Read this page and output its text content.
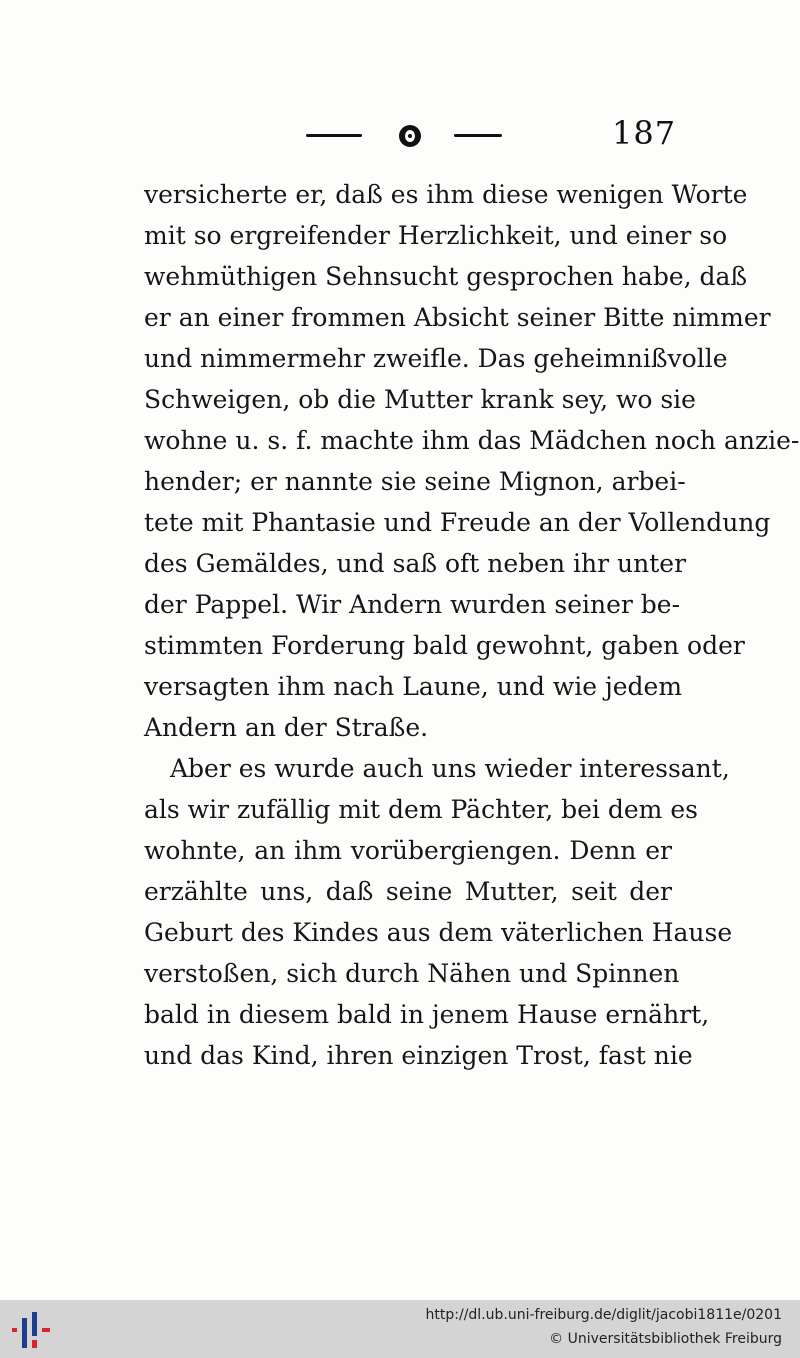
187
versicherte er, daß es ihm diese wenigen Worte
mit so ergreifender Herzlichkeit, und einer so
wehmüthigen Sehnsucht gesprochen habe, daß
er an einer frommen Absicht seiner Bitte nimmer
und nimmermehr zweifle. Das geheimnißvolle
Schweigen, ob die Mutter krank sey, wo sie
wohne u. s. f. machte ihm das Mädchen noch anzie-
hender; er nannte sie seine Mignon, arbei-
tete mit Phantasie und Freude an der Vollendung
des Gemäldes, und saß oft neben ihr unter
der Pappel. Wir Andern wurden seiner be-
stimmten Forderung bald gewohnt, gaben oder
versagten ihm nach Laune, und wie jedem
Andern an der Straße.
Aber es wurde auch uns wieder interessant,
als wir zufällig mit dem Pächter, bei dem es
wohnte, an ihm vorübergiengen. Denn er
erzählte uns, daß seine Mutter, seit der
Geburt des Kindes aus dem väterlichen Hause
verstoßen, sich durch Nähen und Spinnen
bald in diesem bald in jenem Hause ernährt,
und das Kind, ihren einzigen Trost, fast nie
http://dl.ub.uni-freiburg.de/diglit/jacobi1811e/0201
© Universitätsbibliothek Freiburg
